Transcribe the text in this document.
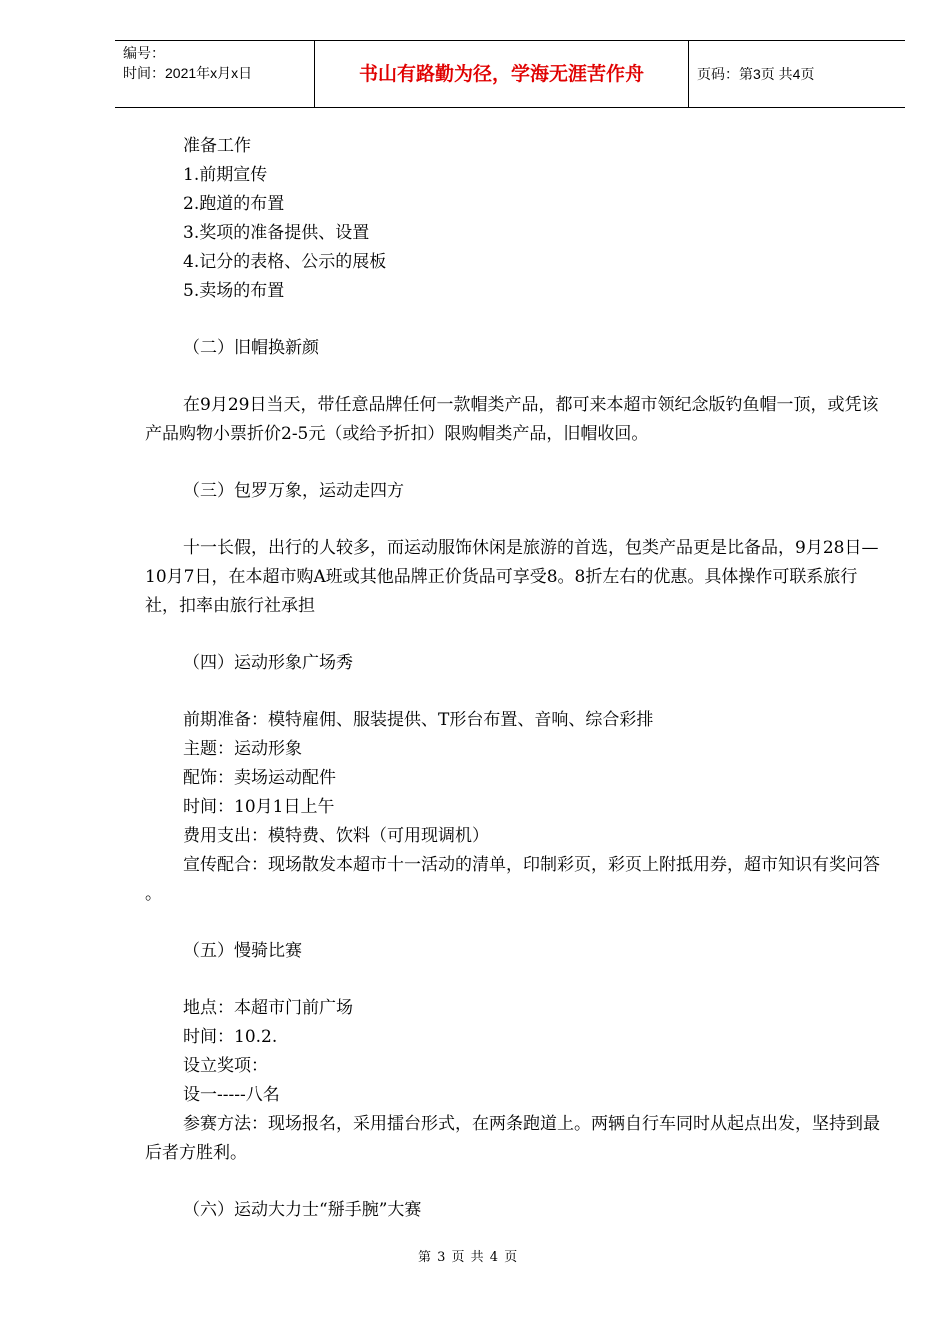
编号：
时间：2021年x月x日	书山有路勤为径，学海无涯苦作舟	页码：第3页 共4页

准备工作

1.前期宣传

2.跑道的布置

3.奖项的准备提供、设置

4.记分的表格、公示的展板

5.卖场的布置

（二）旧帽换新颜

在9月29日当天，带任意品牌任何一款帽类产品，都可来本超市领纪念版钓鱼帽一顶，或凭该产品购物小票折价2-5元（或给予折扣）限购帽类产品，旧帽收回。

（三）包罗万象，运动走四方

十一长假，出行的人较多，而运动服饰休闲是旅游的首选，包类产品更是比备品，9月28日—10月7日，在本超市购A班或其他品牌正价货品可享受8。8折左右的优惠。具体操作可联系旅行社，扣率由旅行社承担

（四）运动形象广场秀

前期准备：模特雇佣、服装提供、T形台布置、音响、综合彩排

主题：运动形象

配饰：卖场运动配件

时间：10月1日上午

费用支出：模特费、饮料（可用现调机）

宣传配合：现场散发本超市十一活动的清单，印制彩页，彩页上附抵用券，超市知识有奖问答 。

（五）慢骑比赛

地点：本超市门前广场

时间：10.2.

设立奖项：

设一-----八名

参赛方法：现场报名，采用擂台形式，在两条跑道上。两辆自行车同时从起点出发，坚持到最后者方胜利。

（六）运动大力士“掰手腕”大赛

第 3 页 共 4 页
